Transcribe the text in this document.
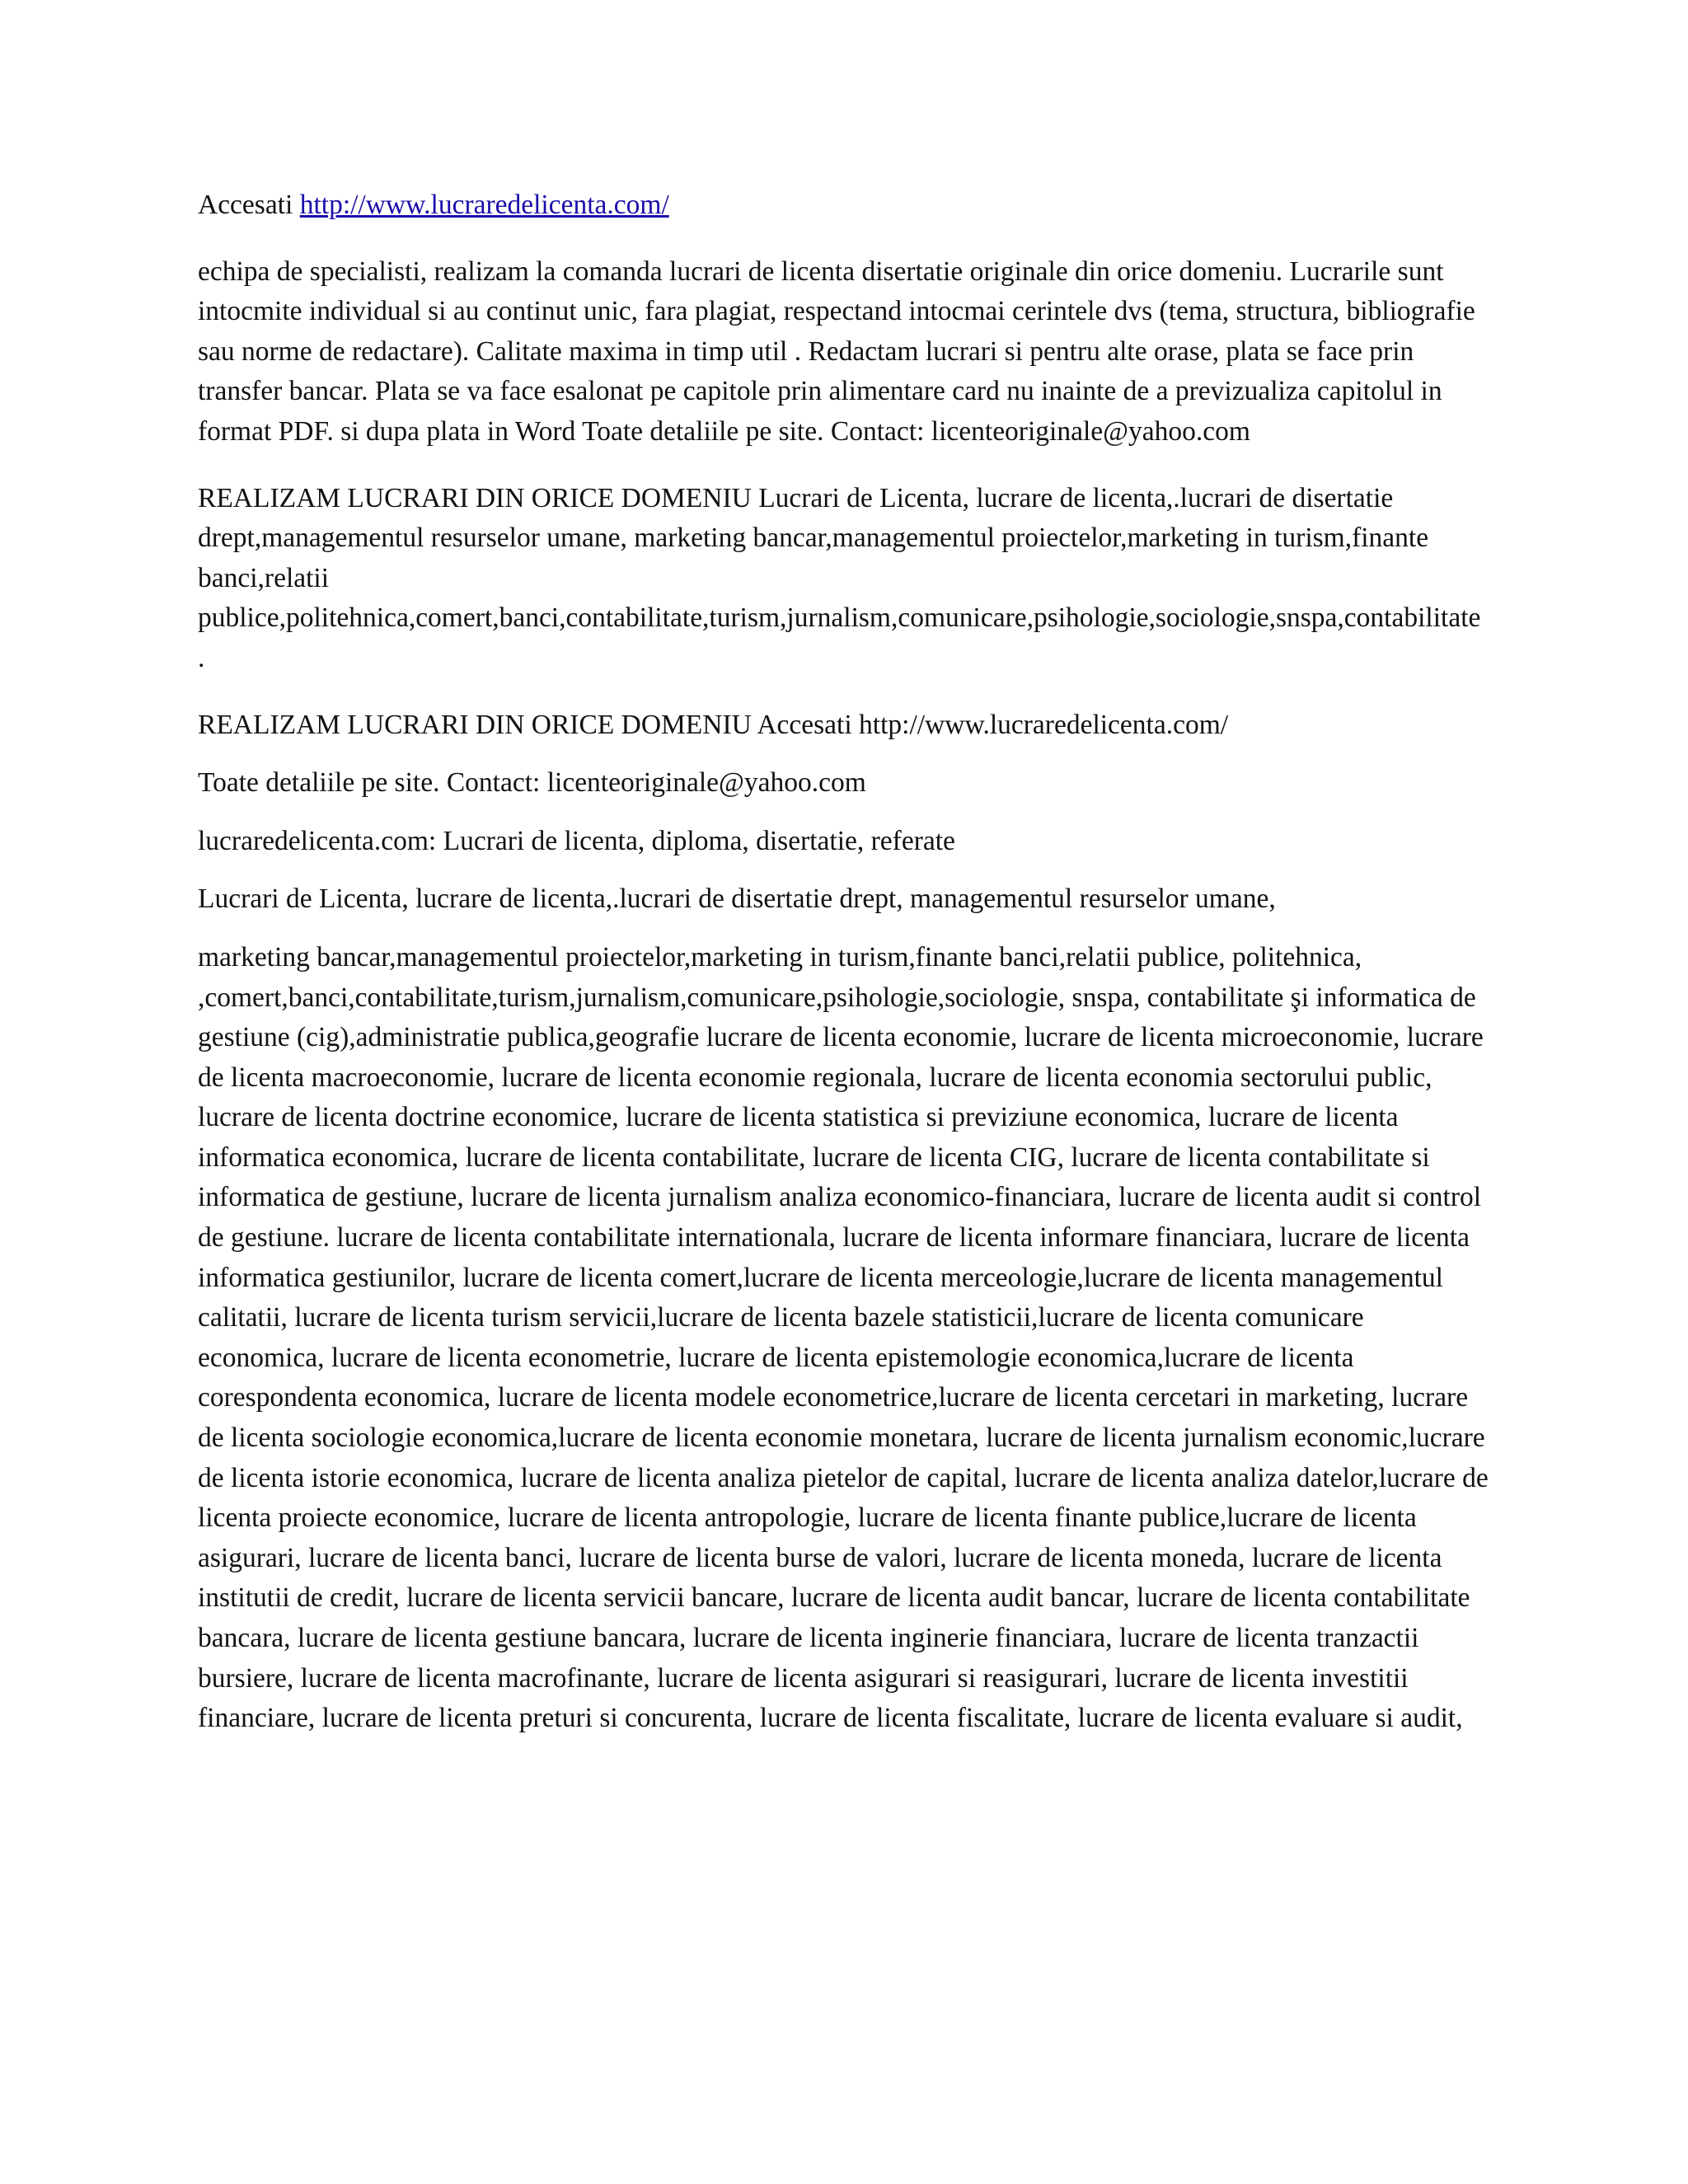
Accesati http://www.lucraredelicenta.com/

echipa de specialisti, realizam la comanda lucrari de licenta disertatie originale din orice domeniu. Lucrarile sunt intocmite individual si au continut unic, fara plagiat, respectand intocmai cerintele dvs (tema, structura, bibliografie sau norme de redactare). Calitate maxima in timp util . Redactam lucrari si pentru alte orase, plata se face prin transfer bancar. Plata se va face esalonat pe capitole prin alimentare card nu inainte de a previzualiza capitolul in format PDF. si dupa plata in Word Toate detaliile pe site. Contact: licenteoriginale@yahoo.com

REALIZAM LUCRARI DIN ORICE DOMENIU Lucrari de Licenta, lucrare de licenta,.lucrari de disertatie drept,managementul resurselor umane, marketing bancar,managementul proiectelor,marketing in turism,finante banci,relatii publice,politehnica,comert,banci,contabilitate,turism,jurnalism,comunicare,psihologie,sociologie,snspa,contabilitate .

REALIZAM LUCRARI DIN ORICE DOMENIU Accesati http://www.lucraredelicenta.com/

Toate detaliile pe site. Contact: licenteoriginale@yahoo.com

lucraredelicenta.com: Lucrari de licenta, diploma, disertatie, referate

Lucrari de Licenta, lucrare de licenta,.lucrari de disertatie drept, managementul resurselor umane,

marketing bancar,managementul proiectelor,marketing in turism,finante banci,relatii publice, politehnica, ,comert,banci,contabilitate,turism,jurnalism,comunicare,psihologie,sociologie, snspa, contabilitate şi informatica de gestiune (cig),administratie publica,geografie lucrare de licenta economie, lucrare de licenta microeconomie, lucrare de licenta macroeconomie, lucrare de licenta economie regionala, lucrare de licenta economia sectorului public, lucrare de licenta doctrine economice, lucrare de licenta statistica si previziune economica, lucrare de licenta informatica economica, lucrare de licenta contabilitate, lucrare de licenta CIG, lucrare de licenta contabilitate si informatica de gestiune, lucrare de licenta jurnalism analiza economico-financiara, lucrare de licenta audit si control de gestiune. lucrare de licenta contabilitate internationala, lucrare de licenta informare financiara, lucrare de licenta informatica gestiunilor, lucrare de licenta comert,lucrare de licenta merceologie,lucrare de licenta managementul calitatii, lucrare de licenta turism servicii,lucrare de licenta bazele statisticii,lucrare de licenta comunicare economica, lucrare de licenta econometrie, lucrare de licenta epistemologie economica,lucrare de licenta corespondenta economica, lucrare de licenta modele econometrice,lucrare de licenta cercetari in marketing, lucrare de licenta sociologie economica,lucrare de licenta economie monetara, lucrare de licenta jurnalism economic,lucrare de licenta istorie economica, lucrare de licenta analiza pietelor de capital, lucrare de licenta analiza datelor,lucrare de licenta proiecte economice, lucrare de licenta antropologie, lucrare de licenta finante publice,lucrare de licenta asigurari, lucrare de licenta banci, lucrare de licenta burse de valori, lucrare de licenta moneda, lucrare de licenta institutii de credit, lucrare de licenta servicii bancare, lucrare de licenta audit bancar, lucrare de licenta contabilitate bancara, lucrare de licenta gestiune bancara, lucrare de licenta inginerie financiara, lucrare de licenta tranzactii bursiere, lucrare de licenta macrofinante, lucrare de licenta asigurari si reasigurari, lucrare de licenta investitii financiare, lucrare de licenta preturi si concurenta, lucrare de licenta fiscalitate, lucrare de licenta evaluare si audit,
